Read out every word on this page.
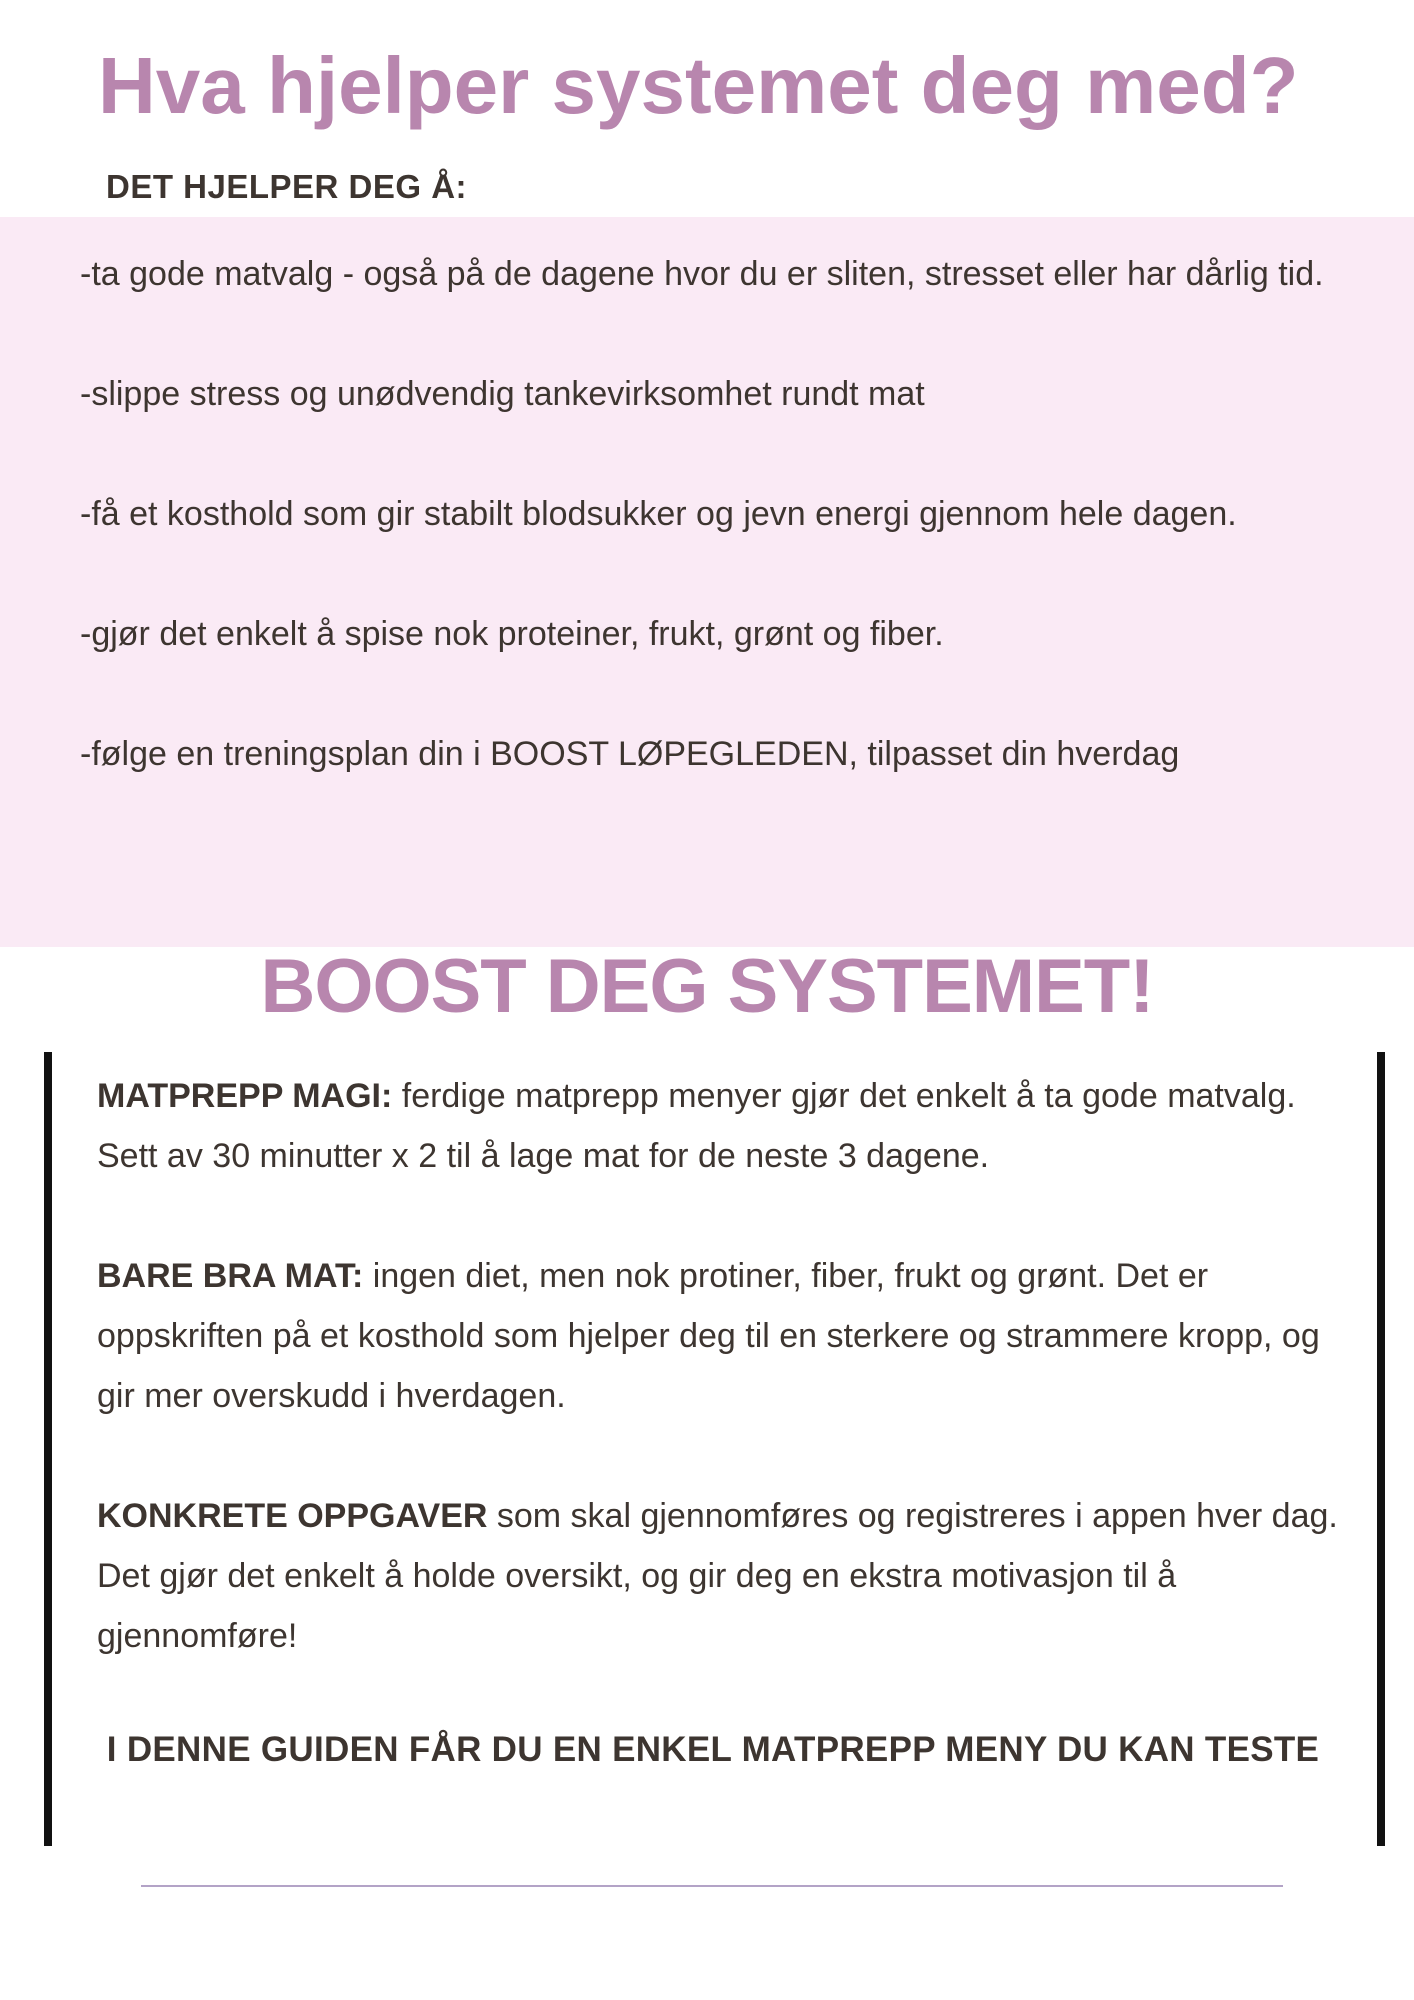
Hva hjelper systemet deg med?
DET HJELPER DEG Å:
-ta gode matvalg - også på de dagene hvor du er sliten, stresset eller har dårlig tid.
-slippe stress og unødvendig tankevirksomhet rundt mat
-få et kosthold som gir stabilt blodsukker og jevn energi gjennom hele dagen.
-gjør det enkelt å spise nok proteiner, frukt, grønt og fiber.
-følge en treningsplan din i BOOST LØPEGLEDEN, tilpasset din hverdag
BOOST DEG SYSTEMET!

MATPREPP MAGI: ferdige matprepp menyer gjør det enkelt å ta gode matvalg. Sett av 30 minutter x 2 til å lage mat for de neste 3 dagene.

BARE BRA MAT: ingen diet, men nok protiner, fiber, frukt og grønt. Det er oppskriften på et kosthold som hjelper deg til en sterkere og strammere kropp, og gir mer overskudd i hverdagen.

KONKRETE OPPGAVER som skal gjennomføres og registreres i appen hver dag. Det gjør det enkelt å holde oversikt, og gir deg en ekstra motivasjon til å gjennomføre!

I DENNE GUIDEN FÅR DU EN ENKEL MATPREPP MENY DU KAN TESTE
